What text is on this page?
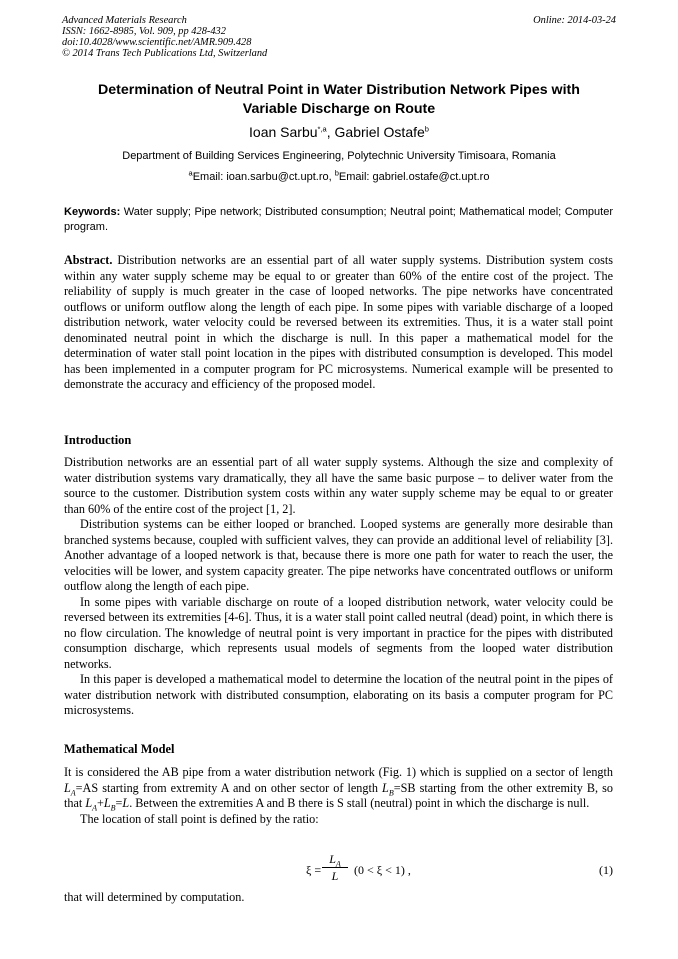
Advanced Materials Research
ISSN: 1662-8985, Vol. 909, pp 428-432
doi:10.4028/www.scientific.net/AMR.909.428
© 2014 Trans Tech Publications Ltd, Switzerland
Online: 2014-03-24
Determination of Neutral Point in Water Distribution Network Pipes with
Variable Discharge on Route
Ioan Sarbu$^{*,a}$, Gabriel Ostafe$^b$
Department of Building Services Engineering, Polytechnic University Timisoara, Romania
$^a$Email: ioan.sarbu@ct.upt.ro, $^b$Email: gabriel.ostafe@ct.upt.ro
Keywords: Water supply; Pipe network; Distributed consumption; Neutral point; Mathematical model; Computer program.
Abstract. Distribution networks are an essential part of all water supply systems. Distribution system costs within any water supply scheme may be equal to or greater than 60% of the entire cost of the project. The reliability of supply is much greater in the case of looped networks. The pipe networks have concentrated outflows or uniform outflow along the length of each pipe. In some pipes with variable discharge of a looped distribution network, water velocity could be reversed between its extremities. Thus, it is a water stall point denominated neutral point in which the discharge is null. In this paper a mathematical model for the determination of water stall point location in the pipes with distributed consumption is developed. This model has been implemented in a computer program for PC microsystems. Numerical example will be presented to demonstrate the accuracy and efficiency of the proposed model.
Introduction

Distribution networks are an essential part of all water supply systems. Although the size and complexity of water distribution systems vary dramatically, they all have the same basic purpose – to deliver water from the source to the customer. Distribution system costs within any water supply scheme may be equal to or greater than 60% of the entire cost of the project [1, 2].

Distribution systems can be either looped or branched. Looped systems are generally more desirable than branched systems because, coupled with sufficient valves, they can provide an additional level of reliability [3]. Another advantage of a looped network is that, because there is more one path for water to reach the user, the velocities will be lower, and system capacity greater. The pipe networks have concentrated outflows or uniform outflow along the length of each pipe.

In some pipes with variable discharge on route of a looped distribution network, water velocity could be reversed between its extremities [4-6]. Thus, it is a water stall point called neutral (dead) point, in which there is no flow circulation. The knowledge of neutral point is very important in practice for the pipes with distributed consumption discharge, which represents usual models of segments from the looped water distribution networks.

In this paper is developed a mathematical model to determine the location of the neutral point in the pipes of water distribution network with distributed consumption, elaborating on its basis a computer program for PC microsystems.

Mathematical Model

It is considered the AB pipe from a water distribution network (Fig. 1) which is supplied on a sector of length $L_A=AS$ starting from extremity A and on other sector of length $L_B=SB$ starting from the other extremity B, so that $L_A+L_B=L$. Between the extremities A and B there is S stall (neutral) point in which the discharge is null.

The location of stall point is defined by the ratio:

ξ =
$L_A$
L	(0 < ξ < 1) ,	(1)
that will determined by computation.
